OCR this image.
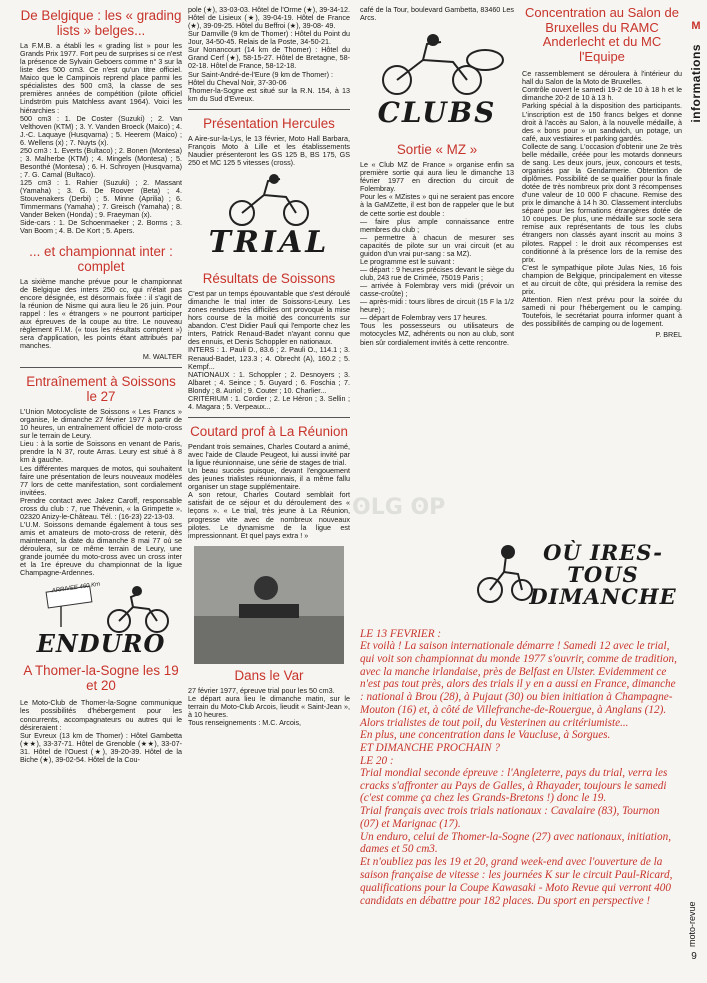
M
informations
moto-revue
9
De Belgique : les « grading lists » belges...

La F.M.B. a établi les « grading list » pour les Grands Prix 1977. Fort peu de surprises si ce n'est la présence de Sylvain Geboers comme n° 3 sur la liste des 500 cm3. Ce n'est qu'un titre officiel. Maico que le Campinois reprend place parmi les spécialistes des 500 cm3, la classe de ses premières années de compétition (pilote officiel Lindström puis Matchless avant 1964). Voici les hiérarchies :
500 cm3 : 1. De Coster (Suzuki) ; 2. Van Velthoven (KTM) ; 3. Y. Vanden Broeck (Maico) ; 4. J.-C. Laquaye (Husqvarna) ; 5. Heerem (Maico) ; 6. Wellens (x) ; 7. Nuyts (x).
250 cm3 : 1. Everts (Bultaco) ; 2. Bonen (Montesa) ; 3. Malherbe (KTM) ; 4. Mingels (Montesa) ; 5. Besonthé (Montesa) ; 6. H. Schroyen (Husqvarna) ; 7. G. Camal (Bultaco).
125 cm3 : 1. Rahier (Suzuki) ; 2. Massant (Yamaha) ; 3. G. De Roover (Beta) ; 4. Stouvenakers (Derbi) ; 5. Minne (Aprilia) ; 6. Timmermans (Yamaha) ; 7. Greisch (Yamaha) ; 8. Vander Beken (Honda) ; 9. Fraeyman (x).
Side-cars : 1. De Schoenmaeker ; 2. Borms ; 3. Van Boom ; 4. B. De Kort ; 5. Apers.

... et championnat inter : complet

La sixième manche prévue pour le championnat de Belgique des inters 250 cc, qui n'était pas encore désignée, est désormais fixée : il s'agit de la réunion de Nisme qui aura lieu le 26 juin. Pour rappel : les « étrangers » ne pourront participer aux épreuves de la coupe au titre. Le nouveau règlement F.I.M. (« tous les résultats comptent ») sera d'application, les points étant attribués par manches.

M. WALTER

Entraînement à Soissons le 27

L'Union Motocycliste de Soissons « Les Francs » organise, le dimanche 27 février 1977 à partir de 10 heures, un entraînement officiel de moto-cross sur le terrain de Leury.
Lieu : à la sortie de Soissons en venant de Paris, prendre la N 37, route Arras. Leury est situé à 8 km à gauche.
Les différentes marques de motos, qui souhaitent faire une présentation de leurs nouveaux modèles 77 lors de cette manifestation, sont cordialement invitées.
Prendre contact avec Jakez Caroff, responsable cross du club : 7, rue Thévenin, « la Grimpette », 02320 Anizy-le-Château. Tél. : (16-23) 22-13-03.
L'U.M. Soissons demande également à tous ses amis et amateurs de moto-cross de retenir, dès maintenant, la date du dimanche 8 mai 77 où se déroulera, sur ce même terrain de Leury, une grande journée du moto-cross avec un cross inter et la 1re épreuve du championnat de la ligue Champagne-Ardennes.

ARRIVEE 460 Km
ENDURO
A Thomer-la-Sogne les 19 et 20

Le Moto-Club de Thomer-la-Sogne communique les possibilités d'hébergement pour les concurrents, accompagnateurs ou autres qui le désireraient :
Sur Evreux (13 km de Thomer) : Hôtel Gambetta (★★), 33-37-71. Hôtel de Grenoble (★★), 33-07-31. Hôtel de l'Ouest (★), 39-20-39. Hôtel de la Biche (★), 39-02-54. Hôtel de la Cou-

pole (★), 33-03-03. Hôtel de l'Orme (★), 39-34-12. Hôtel de Lisieux (★), 39-04-19. Hôtel de France (★), 39-09-25. Hôtel du Beffroi (★), 39-08- 49.
Sur Damville (9 km de Thomer) : Hôtel du Point du Jour, 34-50-45. Relais de la Poste, 34-50-21.
Sur Nonancourt (14 km de Thomer) : Hôtel du Grand Cerf (★), 58-15-27. Hôtel de Bretagne, 58-02-18. Hôtel de France, 58-12-18.
Sur Saint-André-de-l'Eure (9 km de Thomer) :
Hôtel du Cheval Noir, 37-30-06
Thomer-la-Sogne est situé sur la R.N. 154, à 13 km du Sud d'Evreux.

Présentation Hercules

A Aire-sur-la-Lys, le 13 février, Moto Hall Barbara, François Moto à Lille et les établissements Naudier présenteront les GS 125 B, BS 175, GS 250 et MC 125 5 vitesses (cross).

TRIAL
Résultats de Soissons

C'est par un temps épouvantable que s'est déroulé dimanche le trial inter de Soissons-Leury. Les zones rendues très difficiles ont provoqué la mise hors course de la moitié des concurrents sur abandon. C'est Didier Pauli qui l'emporte chez les inters, Patrick Renaud-Badet n'ayant connu que des ennuis, et Denis Schoppler en nationaux.
INTERS : 1. Pauli D., 83.6 ; 2. Pauli O., 114.1 ; 3. Renaud-Badet, 123.3 ; 4. Obrecht (A), 160.2 ; 5. Kempf...
NATIONAUX : 1. Schoppler ; 2. Desnoyers ; 3. Albaret ; 4. Seince ; 5. Guyard ; 6. Foschia ; 7. Blondy ; 8. Auriol ; 9. Couter ; 10. Charlier...
CRITERIUM : 1. Cordier ; 2. Le Héron ; 3. Sellin ; 4. Magara ; 5. Verpeaux...

Coutard prof à La Réunion

Pendant trois semaines, Charles Coutard a animé, avec l'aide de Claude Peugeot, lui aussi invité par la ligue réunionnaise, une série de stages de trial.
Un beau succès puisque, devant l'engouement des jeunes trialistes réunionnais, il a même fallu organiser un stage supplémentaire.
A son retour, Charles Coutard semblait fort satisfait de ce séjour et du déroulement des « leçons ». « Le trial, très jeune à La Réunion, progresse vite avec de nombreux nouveaux pilotes. Le dynamisme de la ligue est impressionnant. Et quel pays extra ! »

Dans le Var

27 février 1977, épreuve trial pour les 50 cm3.
Le départ aura lieu le dimanche matin, sur le terrain du Moto-Club Arcois, lieudit « Saint-Jean », à 10 heures.
Tous renseignements : M.C. Arcois,

café de la Tour, boulevard Gambetta, 83460 Les Arcs.

CLUBS
Sortie « MZ »

Le « Club MZ de France » organise enfin sa première sortie qui aura lieu le dimanche 13 février 1977 en direction du circuit de Folembray.
Pour les « MZistes » qui ne seraient pas encore à la GaMZette, il est bon de rappeler que le but de cette sortie est double :
— faire plus ample connaissance entre membres du club ;
— permettre à chacun de mesurer ses capacités de pilote sur un vrai circuit (et au guidon d'un vrai pur-sang : sa MZ).
Le programme est le suivant :
— départ : 9 heures précises devant le siège du club, 243 rue de Crimée, 75019 Paris ;
— arrivée à Folembray vers midi (prévoir un casse-croûte) ;
— après-midi : tours libres de circuit (15 F la 1/2 heure) ;
— départ de Folembray vers 17 heures.
Tous les possesseurs ou utilisateurs de motocycles MZ, adhérents ou non au club, sont bien sûr cordialement invités à cette rencontre.

Concentration au Salon de Bruxelles du RAMC Anderlecht et du MC l'Equipe

Ce rassemblement se déroulera à l'intérieur du hall du Salon de la Moto de Bruxelles.
Contrôle ouvert le samedi 19-2 de 10 à 18 h et le dimanche 20-2 de 10 à 13 h.
Parking spécial à la disposition des participants. L'inscription est de 150 francs belges et donne droit à l'accès au Salon, à la nouvelle médaille, à des « bons pour » un sandwich, un potage, un café, aux vestiaires et parking gardés.
Collecte de sang. L'occasion d'obtenir une 2e très belle médaille, créée pour les motards donneurs de sang. Les deux jours, jeux, concours et tests, organisés par la Gendarmerie. Obtention de diplômes. Possibilité de se qualifier pour la finale dotée de très nombreux prix dont 3 récompenses d'une valeur de 10 000 F chacune. Remise des prix le dimanche à 14 h 30. Classement interclubs séparé pour les formations étrangères dotée de 10 coupes. De plus, une médaille sur socle sera remise aux représentants de tous les clubs étrangers non classés ayant inscrit au moins 3 pilotes. Rappel : le droit aux récompenses est conditionné à la présence lors de la remise des prix.
C'est le sympathique pilote Julas Nies, 16 fois champion de Belgique, principalement en vitesse et au circuit de côte, qui présidera la remise des prix.
Attention. Rien n'est prévu pour la soirée du samedi ni pour l'hébergement ou le camping. Toutefois, le secrétariat pourra informer quant à des possibilités de camping ou de logement.

P. BREL

OÙ IRES-TOUS DIMANCHE
ʘLG ʘP

LE 13 FEVRIER :

Et voilà ! La saison internationale démarre ! Samedi 12 avec le trial, qui voit son championnat du monde 1977 s'ouvrir, comme de tradition, avec la manche irlandaise, près de Belfast en Ulster. Evidemment ce n'est pas tout près, alors des trials il y en a aussi en France, dimanche : national à Brou (28), à Pujaut (30) ou bien initiation à Champagne-Mouton (16) et, à côté de Villefranche-de-Rouergue, à Anglans (12). Alors trialistes de tout poil, du Vesterinen au critériumiste...

En plus, une concentration dans le Vaucluse, à Sorgues.

ET DIMANCHE PROCHAIN ?

LE 20 :

Trial mondial seconde épreuve : l'Angleterre, pays du trial, verra les cracks s'affronter au Pays de Galles, à Rhayader, toujours le samedi (c'est comme ça chez les Grands-Bretons !) donc le 19.
Trial français avec trois trials nationaux : Cavalaire (83), Tournon (07) et Marignac (17).
Un enduro, celui de Thomer-la-Sogne (27) avec nationaux, initiation, dames et 50 cm3.
Et n'oubliez pas les 19 et 20, grand week-end avec l'ouverture de la saison française de vitesse : les journées K sur le circuit Paul-Ricard, qualifications pour la Coupe Kawasaki - Moto Revue qui verront 400 candidats en débattre pour 182 places. Du sport en perspective !
